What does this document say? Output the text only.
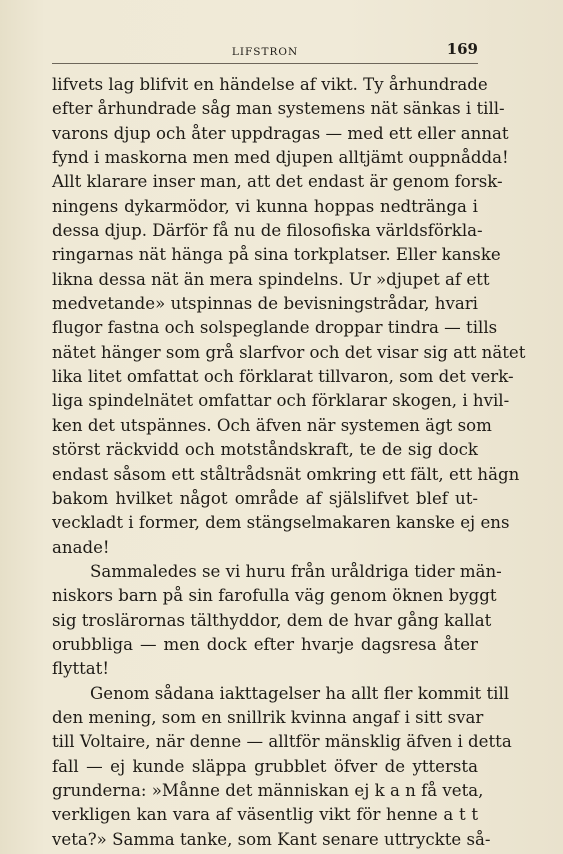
LIFSTRON	169
lifvets lag blifvit en händelse af vikt. Ty århundrade
efter århundrade såg man systemens nät sänkas i till-
varons djup och åter uppdragas — med ett eller annat
fynd i maskorna men med djupen alltjämt ouppnådda!
Allt klarare inser man, att det endast är genom forsk-
ningens dykarmödor, vi kunna hoppas nedtränga i
dessa djup. Därför få nu de filosofiska världsförkla-
ringarnas nät hänga på sina torkplatser. Eller kanske
likna dessa nät än mera spindelns. Ur »djupet af ett
medvetande» utspinnas de bevisningstrådar, hvari
flugor fastna och solspeglande droppar tindra — tills
nätet hänger som grå slarfvor och det visar sig att nätet
lika litet omfattat och förklarat tillvaron, som det verk-
liga spindelnätet omfattar och förklarar skogen, i hvil-
ken det utspännes. Och äfven när systemen ägt som
störst räckvidd och motståndskraft, te de sig dock
endast såsom ett ståltrådsnät omkring ett fält, ett hägn
bakom hvilket något område af själslifvet blef ut-
veckladt i former, dem stängselmakaren kanske ej ens
anade!
Sammaledes se vi huru från uråldriga tider män-
niskors barn på sin farofulla väg genom öknen byggt
sig troslärornas tälthyddor, dem de hvar gång kallat
orubbliga — men dock efter hvarje dagsresa åter
flyttat!
Genom sådana iakttagelser ha allt fler kommit till
den mening, som en snillrik kvinna angaf i sitt svar
till Voltaire, när denne — alltför mänsklig äfven i detta
fall — ej kunde släppa grubblet öfver de yttersta
grunderna: »Månne det människan ej k a n få veta,
verkligen kan vara af väsentlig vikt för henne a t t
veta?» Samma tanke, som Kant senare uttryckte så-
